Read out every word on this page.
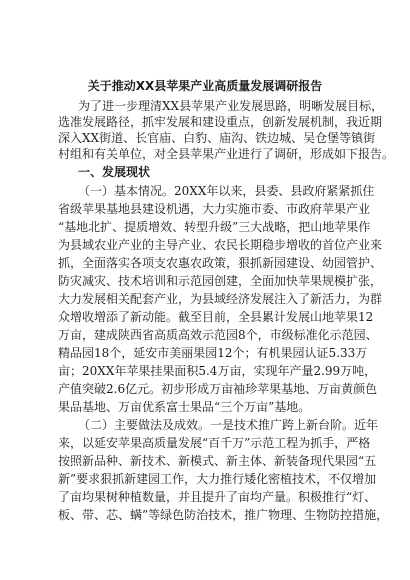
关于推动XX县苹果产业高质量发展调研报告
为了进一步理清XX县苹果产业发展思路，明晰发展目标，
选准发展路径，抓牢发展和建设重点，创新发展机制，我近期
深入XX街道、长官庙、白豹、庙沟、铁边城、吴仓堡等镇街
村组和有关单位，对全县苹果产业进行了调研，形成如下报告。
一、发展现状
（一）基本情况。20XX年以来，县委、县政府紧紧抓住
省级苹果基地县建设机遇，大力实施市委、市政府苹果产业
“基地北扩、提质增效、转型升级”三大战略，把山地苹果作
为县域农业产业的主导产业、农民长期稳步增收的首位产业来
抓，全面落实各项支农惠农政策，狠抓新园建设、幼园管护、
防灾减灾、技术培训和示范园创建，全面加快苹果规模扩张，
大力发展相关配套产业，为县域经济发展注入了新活力，为群
众增收增添了新动能。截至目前，全县累计发展山地苹果12
万亩，建成陕西省高质高效示范园8个，市级标准化示范园、
精品园18个，延安市美丽果园12个；有机果园认证5.33万
亩；20XX年苹果挂果面积5.4万亩，实现年产量2.99万吨，
产值突破2.6亿元。初步形成万亩袖珍苹果基地、万亩黄颜色
果品基地、万亩优系富士果品“三个万亩”基地。
（二）主要做法及成效。一是技术推广跨上新台阶。近年
来，以延安苹果高质量发展“百千万”示范工程为抓手，严格
按照新品种、新技术、新模式、新主体、新装备现代果园“五
新”要求狠抓新建园工作，大力推行矮化密植技术，不仅增加
了亩均果树种植数量，并且提升了亩均产量。积极推行“灯、
板、带、芯、螨”等绿色防治技术，推广物理、生物防控措施，
